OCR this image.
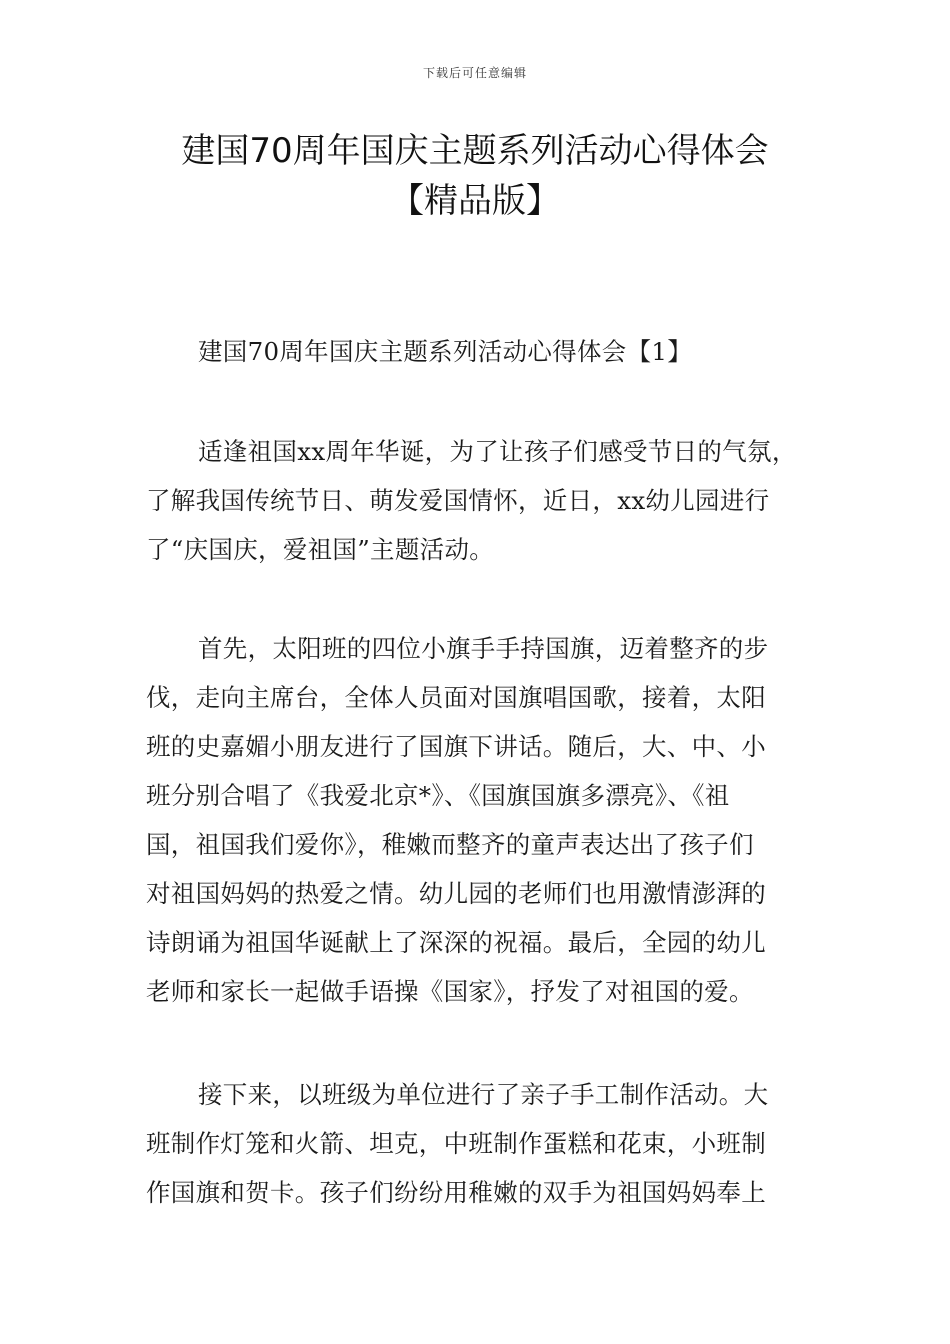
下载后可任意编辑
建国70周年国庆主题系列活动心得体会
【精品版】
建国70周年国庆主题系列活动心得体会【1】
适逢祖国xx周年华诞，为了让孩子们感受节日的气氛，
了解我国传统节日、萌发爱国情怀，近日，xx幼儿园进行
了“庆国庆，爱祖国”主题活动。
首先，太阳班的四位小旗手手持国旗，迈着整齐的步
伐，走向主席台，全体人员面对国旗唱国歌，接着，太阳
班的史嘉媚小朋友进行了国旗下讲话。随后，大、中、小
班分别合唱了《我爱北京*》、《国旗国旗多漂亮》、《祖
国，祖国我们爱你》，稚嫩而整齐的童声表达出了孩子们
对祖国妈妈的热爱之情。幼儿园的老师们也用激情澎湃的
诗朗诵为祖国华诞献上了深深的祝福。最后，全园的幼儿
老师和家长一起做手语操《国家》，抒发了对祖国的爱。
接下来，以班级为单位进行了亲子手工制作活动。大
班制作灯笼和火箭、坦克，中班制作蛋糕和花束，小班制
作国旗和贺卡。孩子们纷纷用稚嫩的双手为祖国妈妈奉上
